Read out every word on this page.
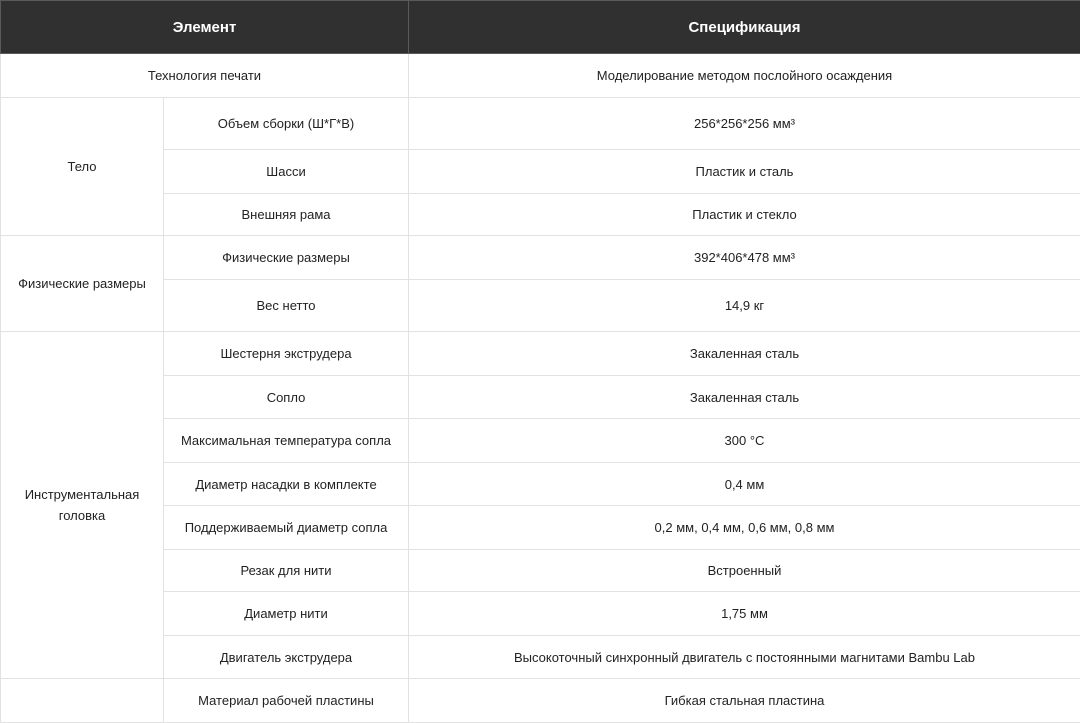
Элемент		Спецификация
Технология печати		Моделирование методом послойного осаждения
Тело	Объем сборки (Ш*Г*В)	256*256*256 мм³
	Шасси	Пластик и сталь
	Внешняя рама	Пластик и стекло
Физические размеры	Физические размеры	392*406*478 мм³
	Вес нетто	14,9 кг
Инструментальная головка	Шестерня экструдера	Закаленная сталь
	Сопло	Закаленная сталь
	Максимальная температура сопла	300 °C
	Диаметр насадки в комплекте	0,4 мм
	Поддерживаемый диаметр сопла	0,2 мм, 0,4 мм, 0,6 мм, 0,8 мм
	Резак для нити	Встроенный
	Диаметр нити	1,75 мм
	Двигатель экструдера	Высокоточный синхронный двигатель с постоянными магнитами Bambu Lab
	Материал рабочей пластины	Гибкая стальная пластина
